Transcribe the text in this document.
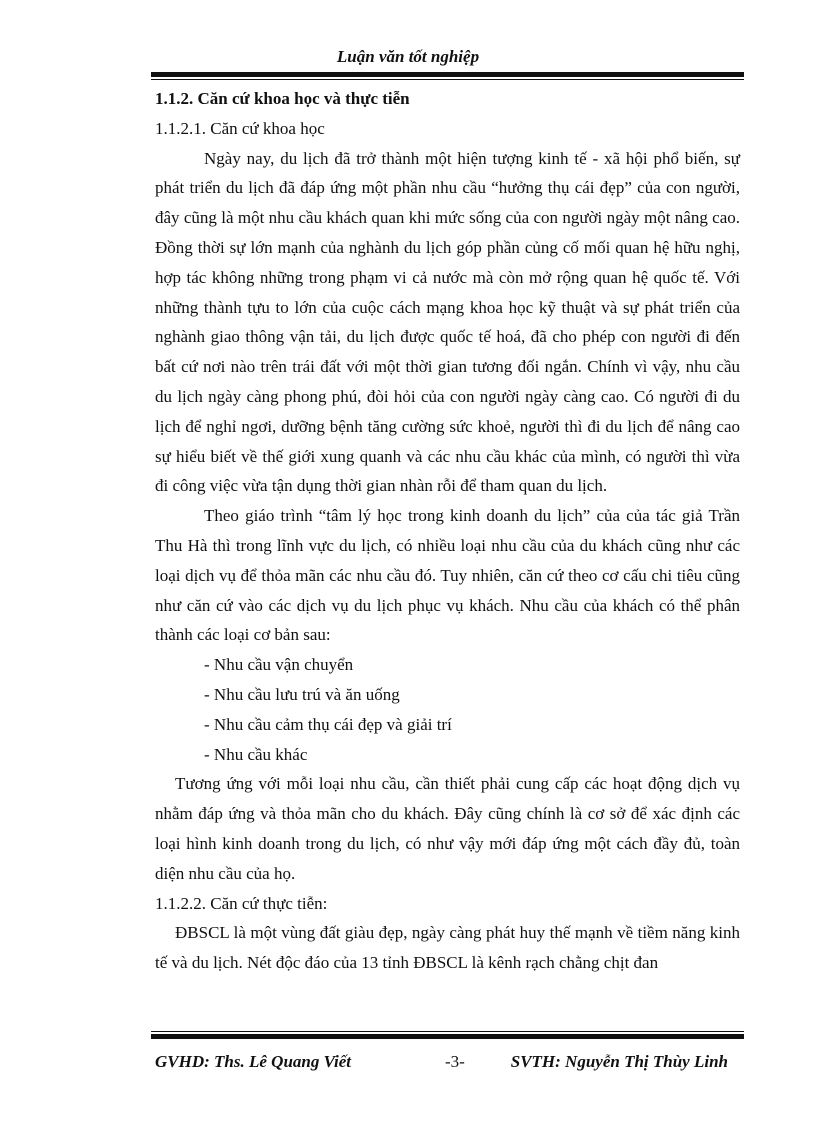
Luận văn tốt nghiệp

1.1.2. Căn cứ khoa học và thực tiễn

1.1.2.1. Căn cứ khoa học

Ngày nay, du lịch đã trở thành một hiện tượng kinh tế - xã hội phổ biến, sự phát triển du lịch đã đáp ứng một phần nhu cầu “hưởng thụ cái đẹp” của con người, đây cũng là một nhu cầu khách quan khi mức sống của con người ngày một nâng cao. Đồng thời sự lớn mạnh của nghành du lịch góp phần củng cố mối quan hệ hữu nghị, hợp tác không những trong phạm vi cả nước mà còn mở rộng quan hệ quốc tế. Với những thành tựu to lớn của cuộc cách mạng khoa học kỹ thuật và sự phát triển của nghành giao thông vận tải, du lịch được quốc tế hoá, đã cho phép con người đi đến bất cứ nơi nào trên trái đất với một thời gian tương đối ngắn. Chính vì vậy, nhu cầu du lịch ngày càng phong phú, đòi hỏi của con người ngày càng cao. Có người đi du lịch để nghỉ ngơi, dưỡng bệnh tăng cường sức khoẻ, người thì đi du lịch để nâng cao sự hiểu biết về thế giới xung quanh và các nhu cầu khác của mình, có người thì vừa đi công việc vừa tận dụng thời gian nhàn rỗi để tham quan du lịch.

Theo giáo trình “tâm lý học trong kinh doanh du lịch” của của tác giả Trần Thu Hà thì trong lĩnh vực du lịch, có nhiều loại nhu cầu của du khách cũng như các loại dịch vụ để thỏa mãn các nhu cầu đó. Tuy nhiên, căn cứ theo cơ cấu chi tiêu cũng như căn cứ vào các dịch vụ du lịch phục vụ khách. Nhu cầu của khách có thể phân thành các loại cơ bản sau:

- Nhu cầu vận chuyển

- Nhu cầu lưu trú và ăn uống

- Nhu cầu cảm thụ cái đẹp và giải trí

- Nhu cầu khác

Tương ứng với mỗi loại nhu cầu, cần thiết phải cung cấp các hoạt động dịch vụ nhằm đáp ứng và thỏa mãn cho du khách. Đây cũng chính là cơ sở để xác định các loại hình kinh doanh trong du lịch, có như vậy mới đáp ứng một cách đầy đủ, toàn diện nhu cầu của họ.

1.1.2.2. Căn cứ thực tiễn:

ĐBSCL là một vùng đất giàu đẹp, ngày càng phát huy thế mạnh về tiềm năng kinh tế và du lịch. Nét độc đáo của 13 tỉnh ĐBSCL là kênh rạch chằng chịt đan

GVHD: Ths. Lê Quang Viết	-3-	SVTH: Nguyễn Thị Thùy Linh
